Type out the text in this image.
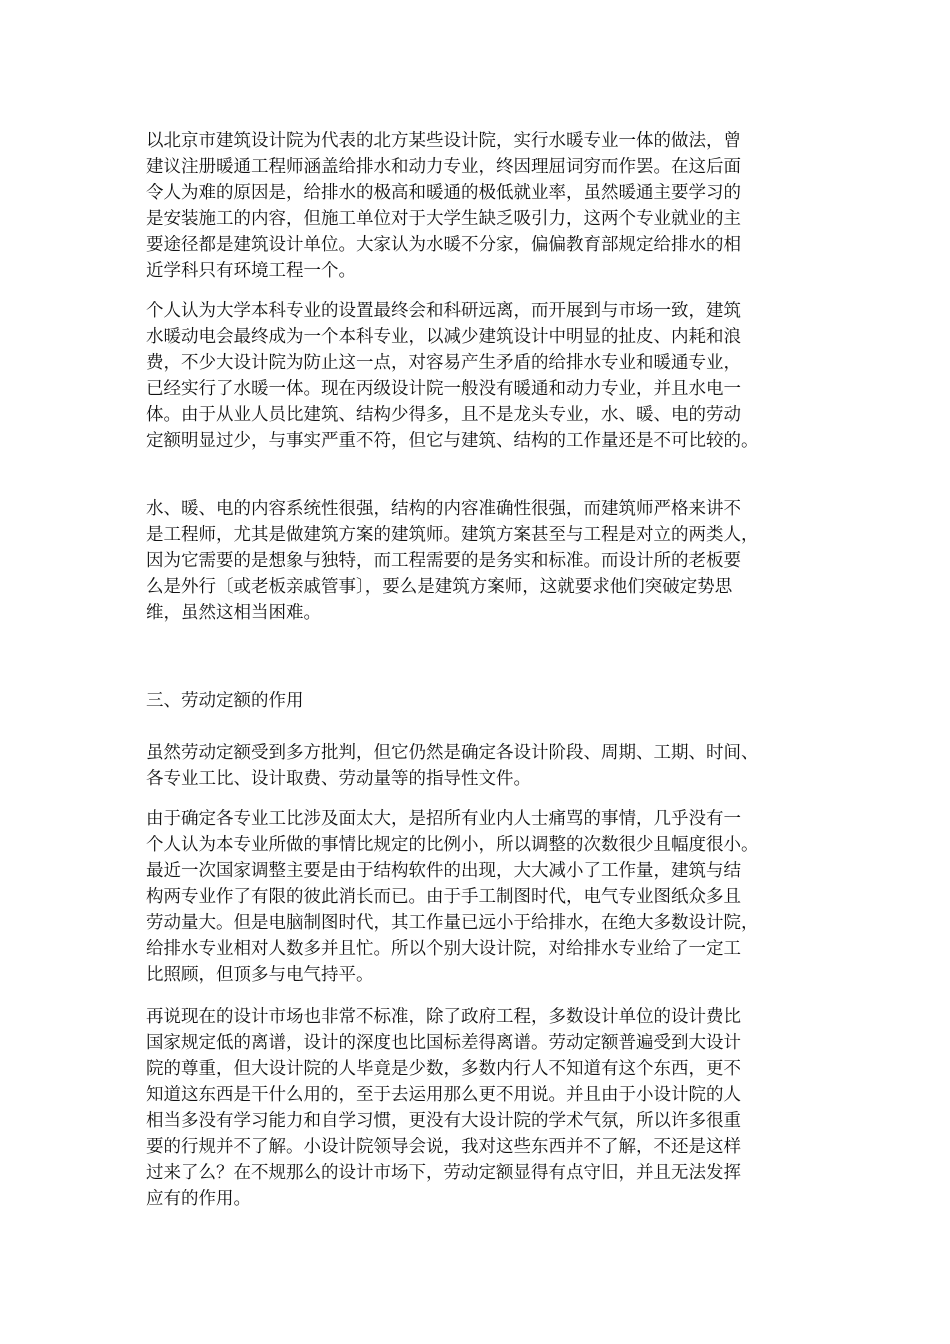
以北京市建筑设计院为代表的北方某些设计院，实行水暖专业一体的做法，曾
建议注册暖通工程师涵盖给排水和动力专业，终因理屈词穷而作罢。在这后面
令人为难的原因是，给排水的极高和暖通的极低就业率，虽然暖通主要学习的
是安装施工的内容，但施工单位对于大学生缺乏吸引力，这两个专业就业的主
要途径都是建筑设计单位。大家认为水暖不分家，偏偏教育部规定给排水的相
近学科只有环境工程一个。
个人认为大学本科专业的设置最终会和科研远离，而开展到与市场一致，建筑
水暖动电会最终成为一个本科专业，以减少建筑设计中明显的扯皮、内耗和浪
费，不少大设计院为防止这一点，对容易产生矛盾的给排水专业和暖通专业，
已经实行了水暖一体。现在丙级设计院一般没有暖通和动力专业，并且水电一
体。由于从业人员比建筑、结构少得多，且不是龙头专业，水、暖、电的劳动
定额明显过少，与事实严重不符，但它与建筑、结构的工作量还是不可比较的。
水、暖、电的内容系统性很强，结构的内容准确性很强，而建筑师严格来讲不
是工程师，尤其是做建筑方案的建筑师。建筑方案甚至与工程是对立的两类人，
因为它需要的是想象与独特，而工程需要的是务实和标准。而设计所的老板要
么是外行〔或老板亲戚管事〕，要么是建筑方案师，这就要求他们突破定势思
维，虽然这相当困难。
三、劳动定额的作用
虽然劳动定额受到多方批判，但它仍然是确定各设计阶段、周期、工期、时间、
各专业工比、设计取费、劳动量等的指导性文件。
由于确定各专业工比涉及面太大，是招所有业内人士痛骂的事情，几乎没有一
个人认为本专业所做的事情比规定的比例小，所以调整的次数很少且幅度很小。
最近一次国家调整主要是由于结构软件的出现，大大减小了工作量，建筑与结
构两专业作了有限的彼此消长而已。由于手工制图时代，电气专业图纸众多且
劳动量大。但是电脑制图时代，其工作量已远小于给排水，在绝大多数设计院，
给排水专业相对人数多并且忙。所以个别大设计院，对给排水专业给了一定工
比照顾，但顶多与电气持平。
再说现在的设计市场也非常不标准，除了政府工程，多数设计单位的设计费比
国家规定低的离谱，设计的深度也比国标差得离谱。劳动定额普遍受到大设计
院的尊重，但大设计院的人毕竟是少数，多数内行人不知道有这个东西，更不
知道这东西是干什么用的，至于去运用那么更不用说。并且由于小设计院的人
相当多没有学习能力和自学习惯，更没有大设计院的学术气氛，所以许多很重
要的行规并不了解。小设计院领导会说，我对这些东西并不了解，不还是这样
过来了么？在不规那么的设计市场下，劳动定额显得有点守旧，并且无法发挥
应有的作用。
